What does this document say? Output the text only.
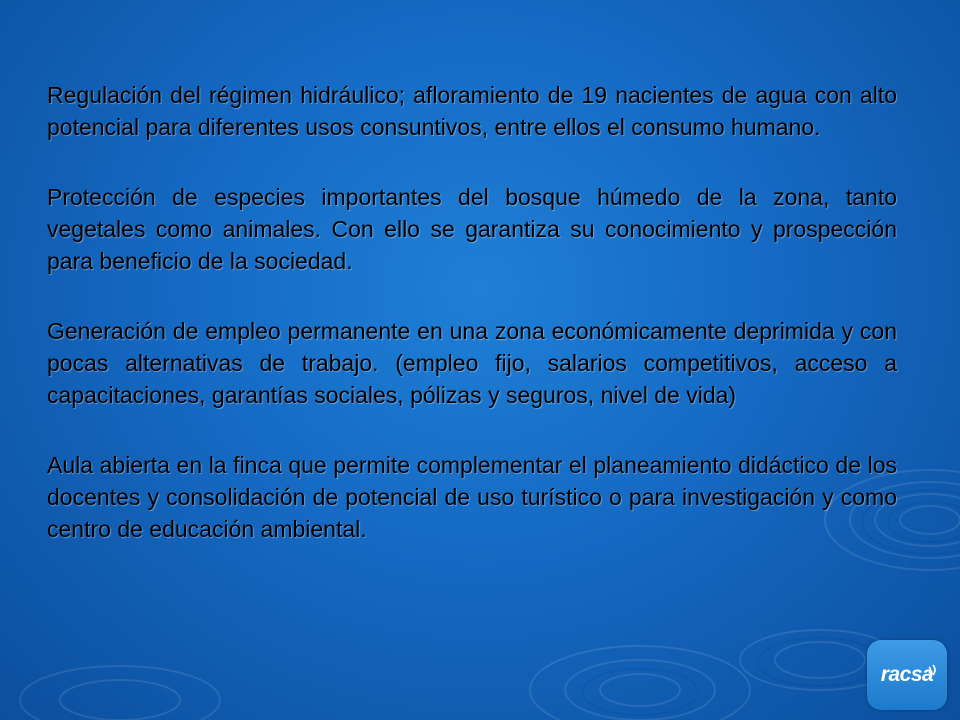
Regulación del régimen hidráulico; afloramiento de 19 nacientes de agua con alto potencial para diferentes usos consuntivos, entre ellos el consumo humano.

Protección de especies importantes del bosque húmedo de la zona, tanto vegetales como animales. Con ello se garantiza su conocimiento y prospección para beneficio de la sociedad.

Generación de empleo permanente en una zona económicamente deprimida y con pocas alternativas de trabajo. (empleo fijo, salarios competitivos, acceso a capacitaciones, garantías sociales, pólizas y seguros, nivel de vida)

Aula abierta en la finca que permite complementar el planeamiento didáctico de los docentes y consolidación de potencial de uso turístico o para investigación y como centro de educación ambiental.

racsa
